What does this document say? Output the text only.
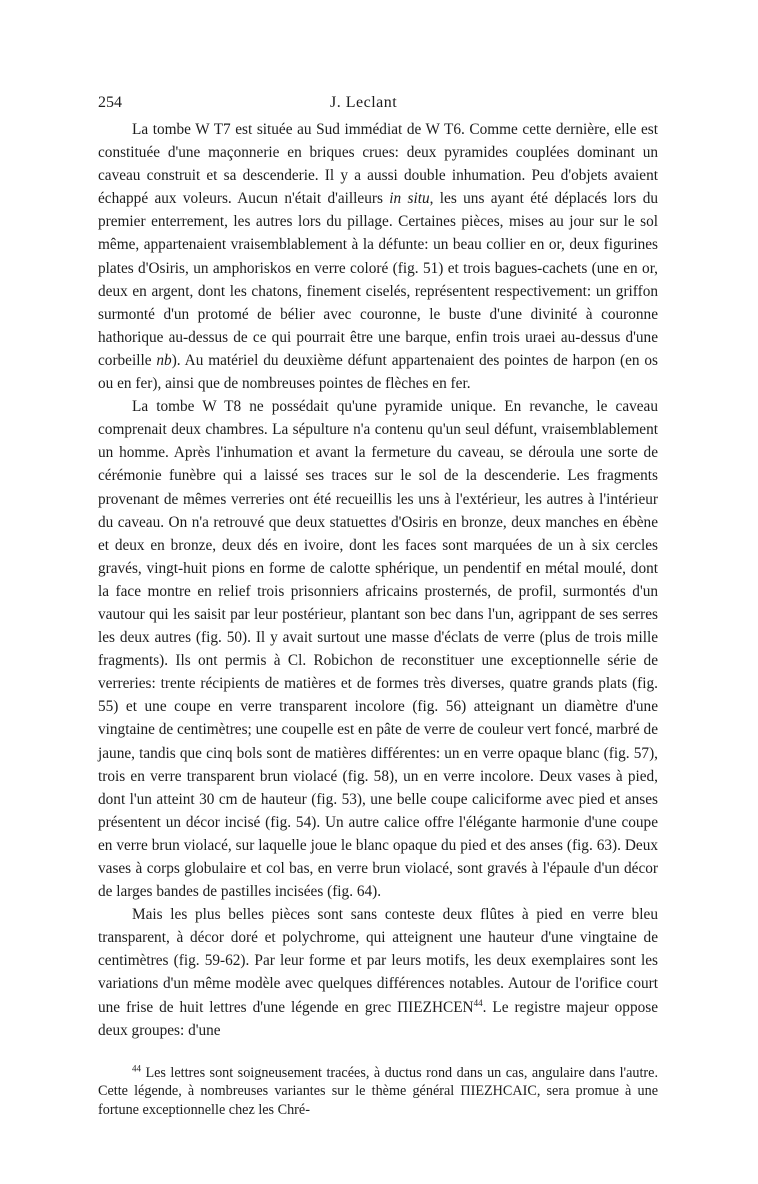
254	J. Leclant

La tombe W T7 est située au Sud immédiat de W T6. Comme cette dernière, elle est constituée d'une maçonnerie en briques crues: deux pyramides couplées dominant un caveau construit et sa descenderie. Il y a aussi double inhumation. Peu d'objets avaient échappé aux voleurs. Aucun n'était d'ailleurs in situ, les uns ayant été déplacés lors du premier enterrement, les autres lors du pillage. Certaines pièces, mises au jour sur le sol même, appartenaient vraisemblablement à la défunte: un beau collier en or, deux figurines plates d'Osiris, un amphoriskos en verre coloré (fig. 51) et trois bagues-cachets (une en or, deux en argent, dont les chatons, finement ciselés, représentent respectivement: un griffon surmonté d'un protomé de bélier avec couronne, le buste d'une divinité à couronne hathorique au-dessus de ce qui pourrait être une barque, enfin trois uraei au-dessus d'une corbeille nb). Au matériel du deuxième défunt appartenaient des pointes de harpon (en os ou en fer), ainsi que de nombreuses pointes de flèches en fer.

La tombe W T8 ne possédait qu'une pyramide unique. En revanche, le caveau comprenait deux chambres. La sépulture n'a contenu qu'un seul défunt, vraisemblablement un homme. Après l'inhumation et avant la fermeture du caveau, se déroula une sorte de cérémonie funèbre qui a laissé ses traces sur le sol de la descenderie. Les fragments provenant de mêmes verreries ont été recueillis les uns à l'extérieur, les autres à l'intérieur du caveau. On n'a retrouvé que deux statuettes d'Osiris en bronze, deux manches en ébène et deux en bronze, deux dés en ivoire, dont les faces sont marquées de un à six cercles gravés, vingt-huit pions en forme de calotte sphérique, un pendentif en métal moulé, dont la face montre en relief trois prisonniers africains prosternés, de profil, surmontés d'un vautour qui les saisit par leur postérieur, plantant son bec dans l'un, agrippant de ses serres les deux autres (fig. 50). Il y avait surtout une masse d'éclats de verre (plus de trois mille fragments). Ils ont permis à Cl. Robichon de reconstituer une exceptionnelle série de verreries: trente récipients de matières et de formes très diverses, quatre grands plats (fig. 55) et une coupe en verre transparent incolore (fig. 56) atteignant un diamètre d'une vingtaine de centimètres; une coupelle est en pâte de verre de couleur vert foncé, marbré de jaune, tandis que cinq bols sont de matières différentes: un en verre opaque blanc (fig. 57), trois en verre transparent brun violacé (fig. 58), un en verre incolore. Deux vases à pied, dont l'un atteint 30 cm de hauteur (fig. 53), une belle coupe caliciforme avec pied et anses présentent un décor incisé (fig. 54). Un autre calice offre l'élégante harmonie d'une coupe en verre brun violacé, sur laquelle joue le blanc opaque du pied et des anses (fig. 63). Deux vases à corps globulaire et col bas, en verre brun violacé, sont gravés à l'épaule d'un décor de larges bandes de pastilles incisées (fig. 64).

Mais les plus belles pièces sont sans conteste deux flûtes à pied en verre bleu transparent, à décor doré et polychrome, qui atteignent une hauteur d'une vingtaine de centimètres (fig. 59-62). Par leur forme et par leurs motifs, les deux exemplaires sont les variations d'un même modèle avec quelques différences notables. Autour de l'orifice court une frise de huit lettres d'une légende en grec ΠΙΕΖΗCΕΝ$^{44}$. Le registre majeur oppose deux groupes: d'une

$^{44}$ Les lettres sont soigneusement tracées, à ductus rond dans un cas, angulaire dans l'autre. Cette légende, à nombreuses variantes sur le thème général ΠΙΕΖΗCΑΙC, sera promue à une fortune exceptionnelle chez les Chré-
